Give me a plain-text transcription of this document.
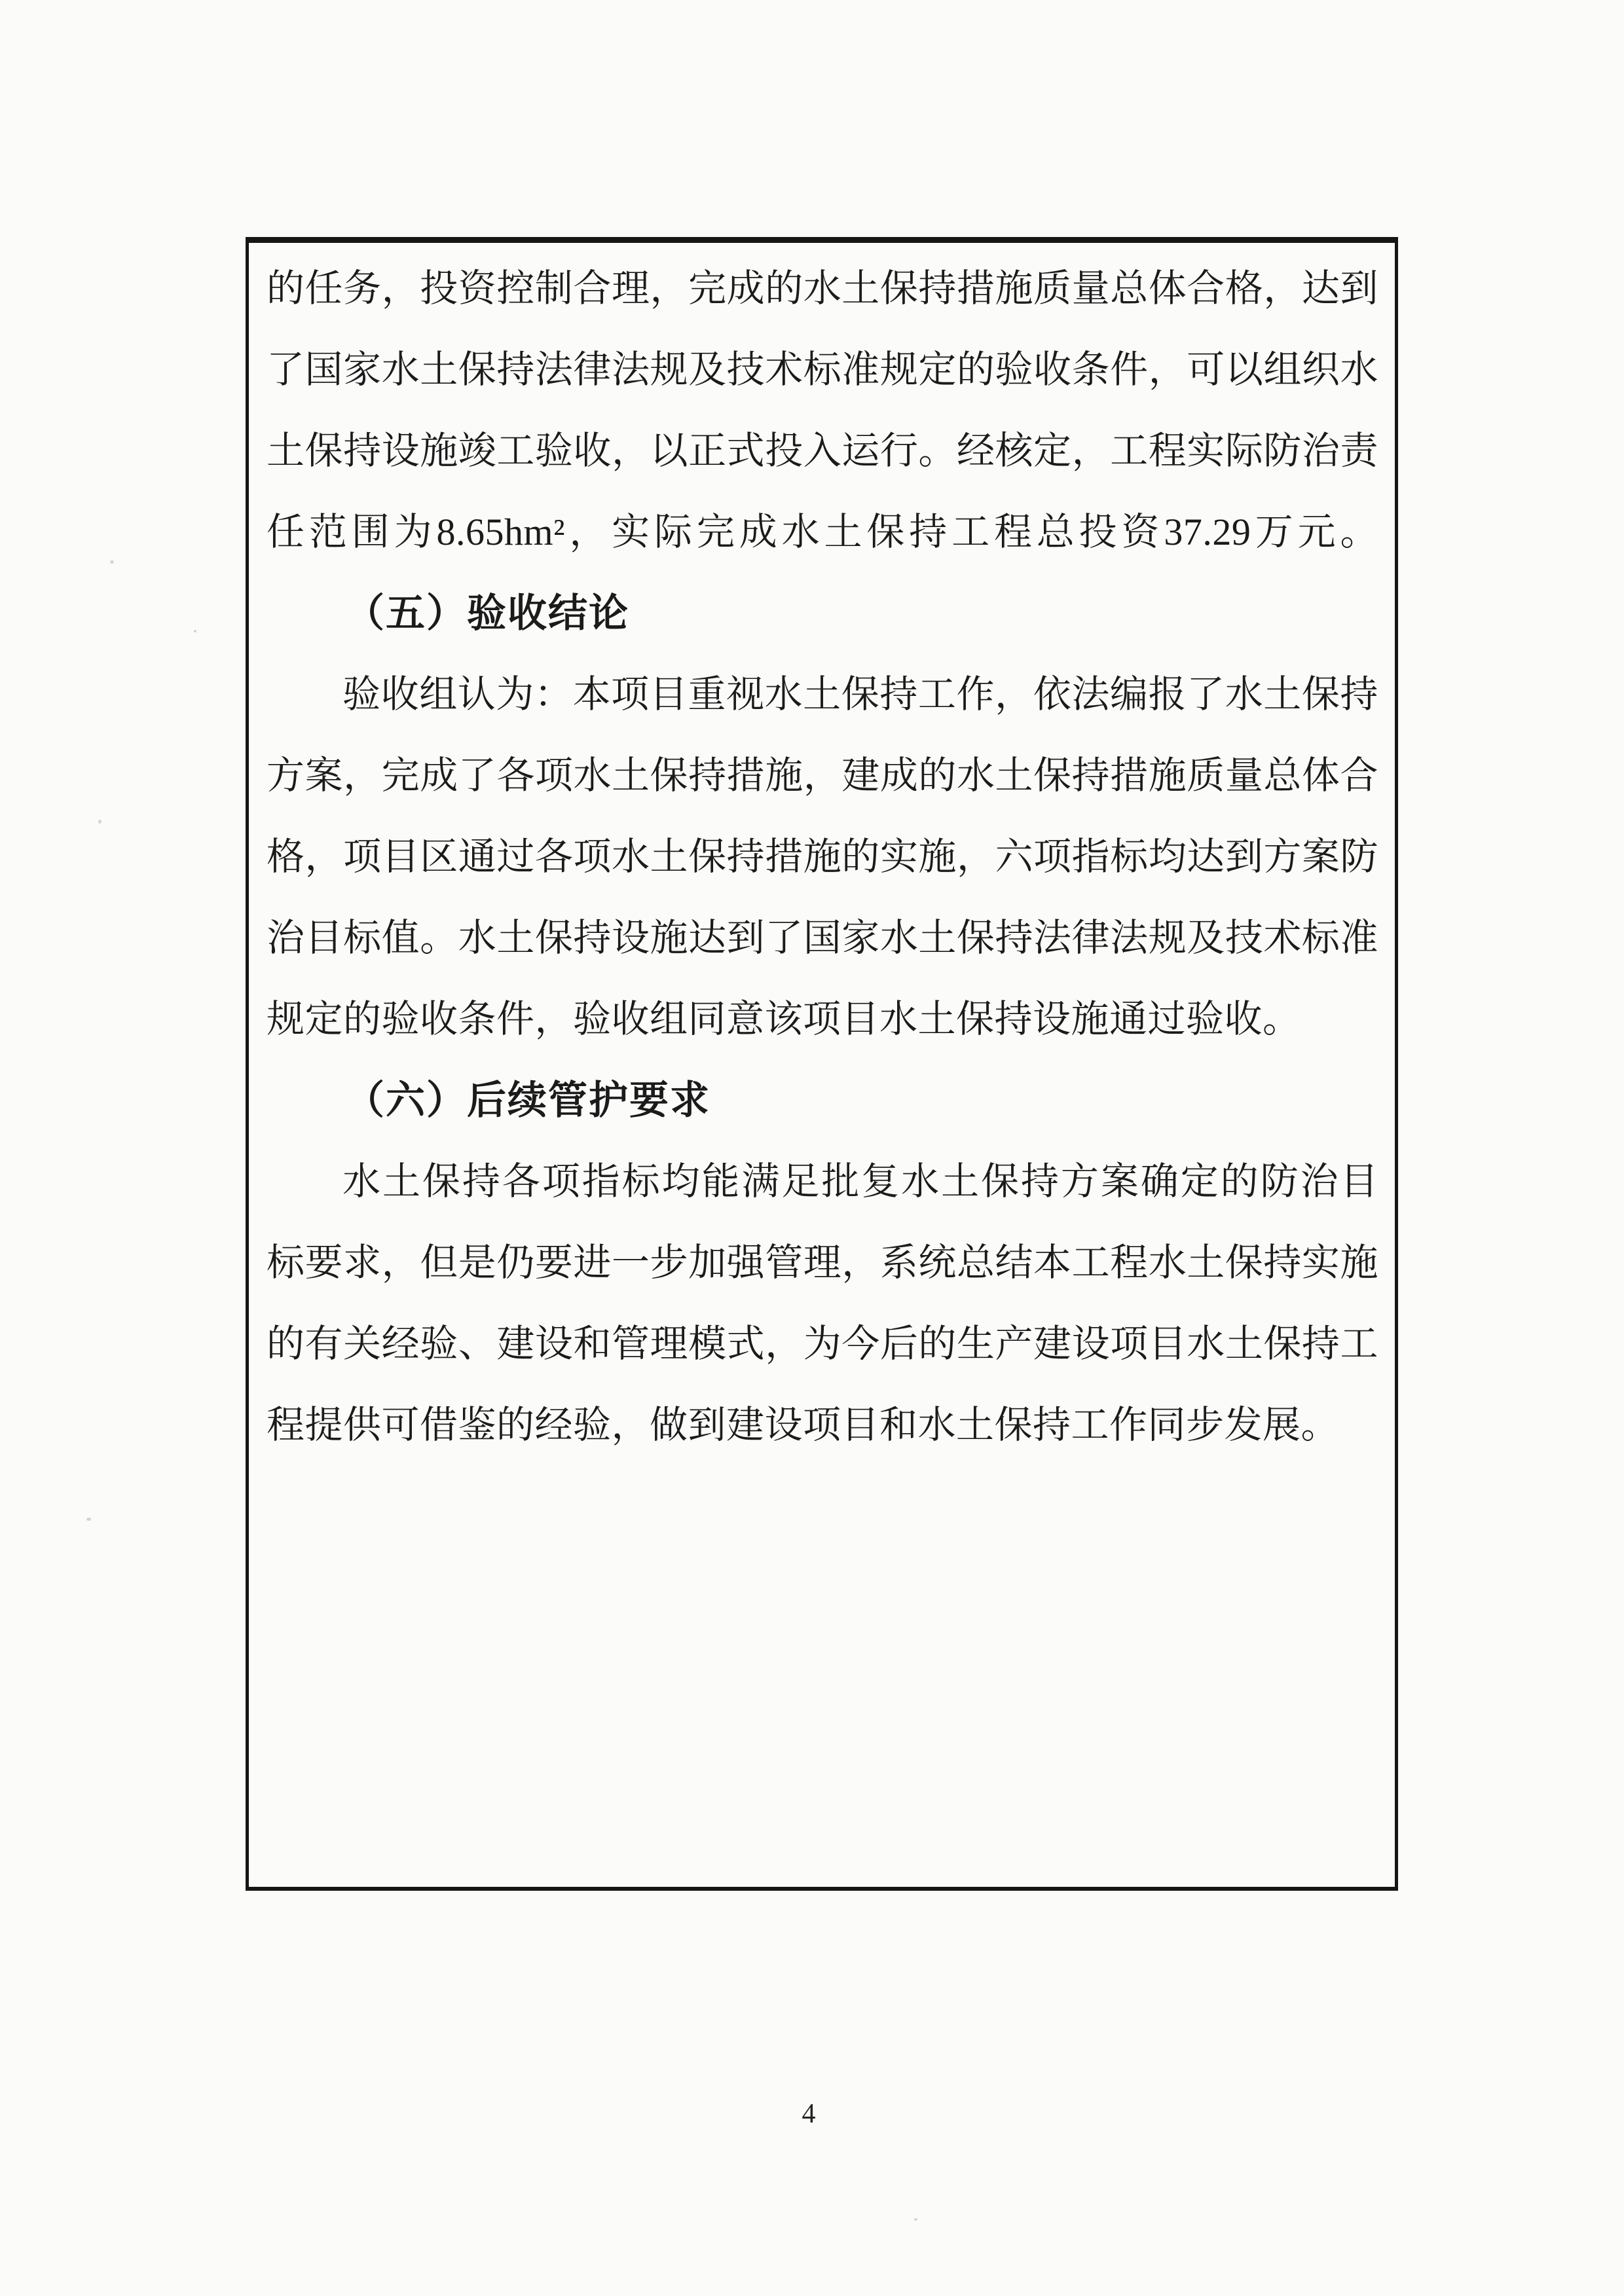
的任务，投资控制合理，完成的水土保持措施质量总体合格，达到
了国家水土保持法律法规及技术标准规定的验收条件，可以组织水
土保持设施竣工验收，以正式投入运行。经核定，工程实际防治责
任范围为8.65hm²，实际完成水土保持工程总投资37.29万元。
（五）验收结论
验收组认为：本项目重视水土保持工作，依法编报了水土保持
方案，完成了各项水土保持措施，建成的水土保持措施质量总体合
格，项目区通过各项水土保持措施的实施，六项指标均达到方案防
治目标值。水土保持设施达到了国家水土保持法律法规及技术标准
规定的验收条件，验收组同意该项目水土保持设施通过验收。
（六）后续管护要求
水土保持各项指标均能满足批复水土保持方案确定的防治目
标要求，但是仍要进一步加强管理，系统总结本工程水土保持实施
的有关经验、建设和管理模式，为今后的生产建设项目水土保持工
程提供可借鉴的经验，做到建设项目和水土保持工作同步发展。
4
